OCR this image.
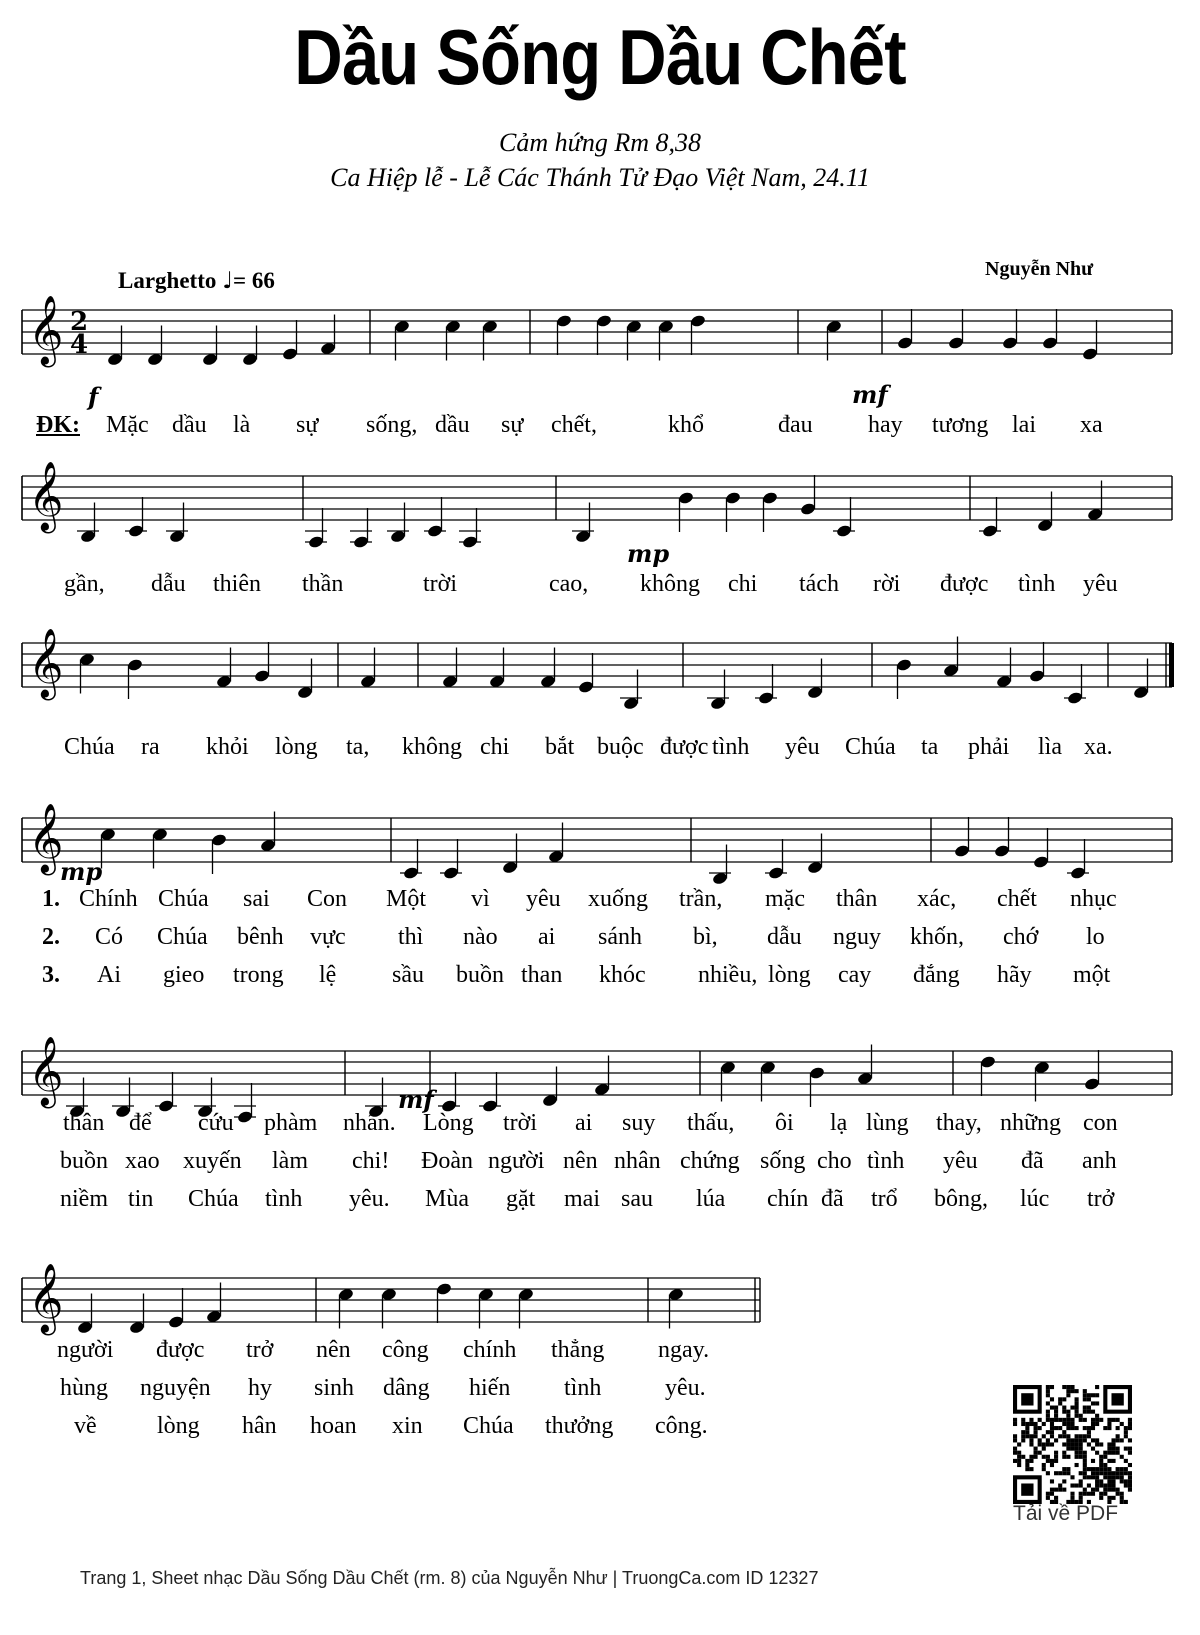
Dầu Sống Dầu Chết
Cảm hứng Rm 8,38
Ca Hiệp lễ - Lễ Các Thánh Tử Đạo Việt Nam, 24.11
Larghetto ♩= 66	Nguyễn Như
𝄞 2
4
𝄞
𝄞
𝄞
𝄞
𝄞
f	mf
mp
mp
mf
ĐK: Mặc dầu là sự sống, dầu sự chết,	khổ	đau hay tương lai xa
gần, dẫu thiên thần	trời	cao, không chi tách rời được tình yêu
Chúa ra khỏi lòng ta, không chi bắt buộc được tình yêu Chúa ta phải lìa xa.
1.
2.
3.
Chính Chúa sai Con Một vì yêu xuống trần, mặc thân xác, chết nhục
Có Chúa bênh vực thì nào ai sánh bì, dẫu nguy khốn, chớ lo
Ai gieo trong lệ sầu buồn than khóc nhiều, lòng cay đắng hãy một
thân để cứu phàm nhân. Lòng trời ai suy thấu, ôi lạ lùng thay, những con
buồn xao xuyến làm chi! Đoàn người nên nhân chứng sống cho tình yêu đã anh
niềm tin Chúa tình yêu. Mùa gặt mai sau lúa chín đã trổ bông, lúc trở
người được trở nên công chính thẳng ngay.
hùng nguyện hy sinh dâng hiến tình	yêu.
về	lòng hân hoan xin Chúa thưởng công.
Tải về PDF
Trang 1, Sheet nhạc Dầu Sống Dầu Chết (rm. 8) của Nguyễn Như | TruongCa.com ID 12327
